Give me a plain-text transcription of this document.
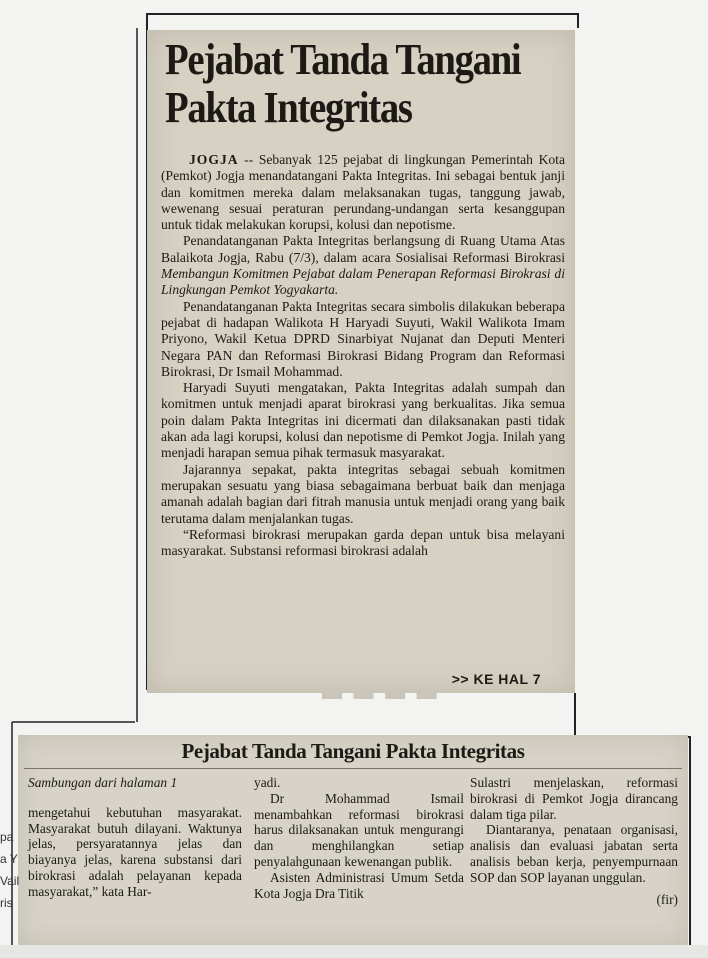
Pejabat Tanda Tangani
Pakta Integritas

JOGJA -- Sebanyak 125 pejabat di lingkungan Pemerintah Kota (Pemkot) Jogja menandatangani Pakta Integritas. Ini sebagai bentuk janji dan komitmen mereka dalam melaksanakan tugas, tanggung jawab, wewenang sesuai peraturan perundang-undangan serta kesanggupan untuk tidak melakukan korupsi, kolusi dan nepotisme.

Penandatanganan Pakta Integritas berlangsung di Ruang Utama Atas Balaikota Jogja, Rabu (7/3), dalam acara Sosialisai Reformasi Birokrasi Membangun Komitmen Pejabat dalam Penerapan Reformasi Birokrasi di Lingkungan Pemkot Yogyakarta.

Penandatanganan Pakta Integritas secara simbolis dilakukan beberapa pejabat di hadapan Walikota H Haryadi Suyuti, Wakil Walikota Imam Priyono, Wakil Ketua DPRD Sinarbiyat Nujanat dan Deputi Menteri Negara PAN dan Reformasi Birokrasi Bidang Program dan Reformasi Birokrasi, Dr Ismail Mohammad.

Haryadi Suyuti mengatakan, Pakta Integritas adalah sumpah dan komitmen untuk menjadi aparat birokrasi yang berkualitas. Jika semua poin dalam Pakta Integritas ini dicermati dan dilaksanakan pasti tidak akan ada lagi korupsi, kolusi dan nepotisme di Pemkot Jogja. Inilah yang menjadi harapan semua pihak termasuk masyarakat.

Jajarannya sepakat, pakta integritas sebagai sebuah komitmen merupakan sesuatu yang biasa sebagaimana berbuat baik dan menjaga amanah adalah bagian dari fitrah manusia untuk menjadi orang yang baik terutama dalam menjalankan tugas.

“Reformasi birokrasi merupakan garda depan untuk bisa melayani masyarakat. Substansi reformasi birokrasi adalah

▬ ▬ ▬ ▬
>> KE HAL 7
Pejabat Tanda Tangani Pakta Integritas

Sambungan dari halaman 1

mengetahui kebutuhan masyarakat. Masyarakat butuh dilayani. Waktunya jelas, persyaratannya jelas dan biayanya jelas, karena substansi dari birokrasi adalah pelayanan kepada masyarakat,” kata Har-

yadi.

Dr Mohammad Ismail menambahkan reformasi birokrasi harus dilaksanakan untuk mengurangi dan menghilangkan setiap penyalahgunaan kewenangan publik.

Asisten Administrasi Umum Setda Kota Jogja Dra Titik

Sulastri menjelaskan, reformasi birokrasi di Pemkot Jogja dirancang dalam tiga pilar.

Diantaranya, penataan organisasi, analisis dan evaluasi jabatan serta analisis beban kerja, penyempurnaan SOP dan SOP layanan unggulan.

(fir)

pa
a Y
Vail
ris
